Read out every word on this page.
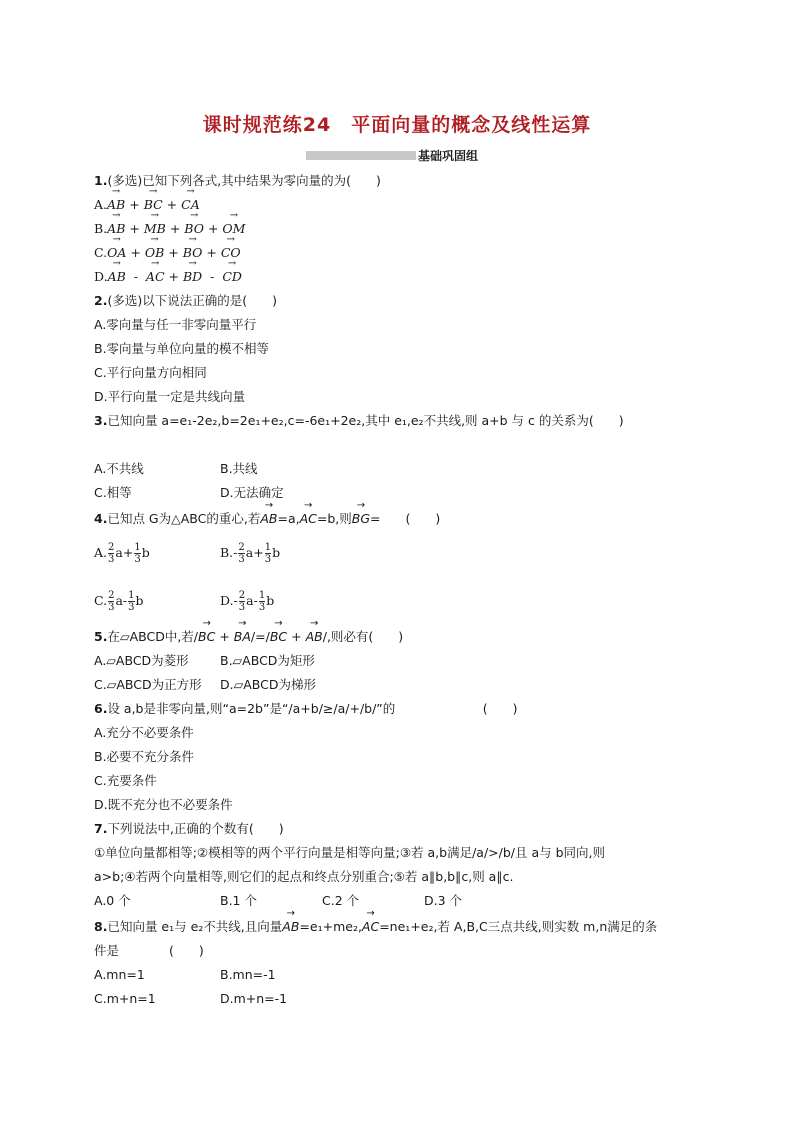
课时规范练24　平面向量的概念及线性运算
基础巩固组
1.(多选)已知下列各式,其中结果为零向量的为(　　)
A.→ AB + → BC + → CA
B.→ AB + → MB + → BO + → OM
C.→ OA + → OB + → BO + → CO
D.→ AB - → AC + → BD - → CD
2.(多选)以下说法正确的是(　　)
A.零向量与任一非零向量平行
B.零向量与单位向量的模不相等
C.平行向量方向相同
D.平行向量一定是共线向量
3.已知向量 a=e₁-2e₂,b=2e₁+e₂,c=-6e₁+2e₂,其中 e₁,e₂不共线,则 a+b 与 c 的关系为(　　)
A.不共线	B.共线
C.相等	D.无法确定
4.已知点 G为△ABC的重心,若→ AB=a,→ AC=b,则→ BG=　　(　　)
A. $\frac{2}{3} a+ \frac{1}{3}$ b	$B.- \frac{2}{3} a+ \frac{1}{3}$ b
C. $\frac{2}{3} a- \frac{1}{3}$ b	$D.- \frac{2}{3} a- \frac{1}{3}$ b
5.在▱ABCD中,若/→ BC + → BA/=/→ BC + → AB/,则必有(　　)
A.▱ABCD为菱形	B.▱ABCD为矩形
C.▱ABCD为正方形 D.▱ABCD为梯形
6.设 a,b是非零向量,则“a=2b”是“/a+b/≥/a/+/b/”的　　　　　　　(　　)
A.充分不必要条件
B.必要不充分条件
C.充要条件
D.既不充分也不必要条件
7.下列说法中,正确的个数有(　　)
①单位向量都相等;②模相等的两个平行向量是相等向量;③若 a,b满足/a/>/b/且 a与 b同向,则
a>b;④若两个向量相等,则它们的起点和终点分别重合;⑤若 a∥b,b∥c,则 a∥c.
A.0 个	B.1 个	C.2 个	D.3 个
8.已知向量 e₁与 e₂不共线,且向量→ AB=e₁+me₂,→ AC=ne₁+e₂,若 A,B,C三点共线,则实数 m,n满足的条
件是　　　　(　　)
A.mn=1	B.mn=-1
C.m+n=1	D.m+n=-1
